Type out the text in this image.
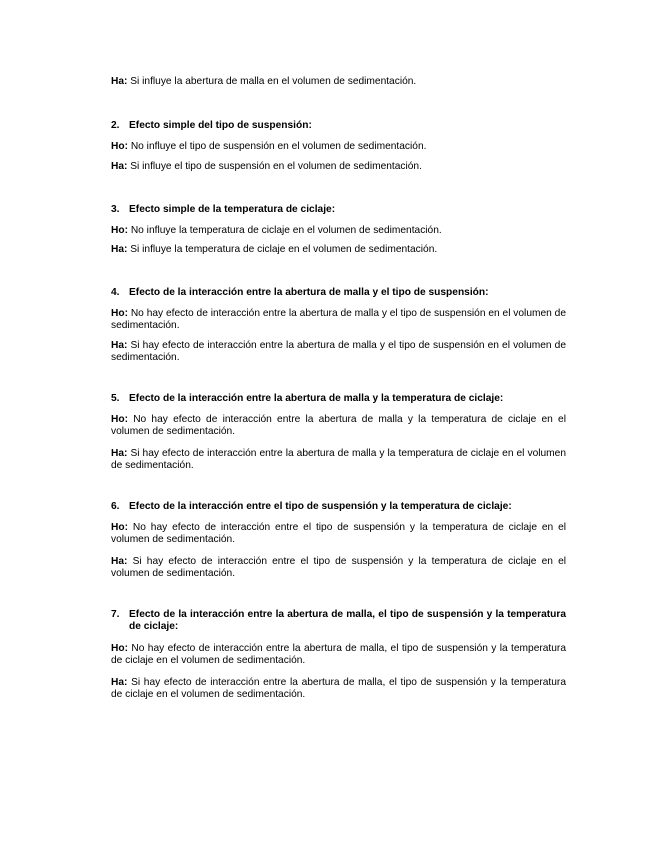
Ha: Si influye la abertura de malla en el volumen de sedimentación.
2. Efecto simple del tipo de suspensión:
Ho: No influye el tipo de suspensión en el volumen de sedimentación.
Ha: Si influye el tipo de suspensión en el volumen de sedimentación.
3. Efecto simple de la temperatura de ciclaje:
Ho: No influye la temperatura de ciclaje en el volumen de sedimentación.
Ha: Si influye la temperatura de ciclaje en el volumen de sedimentación.
4. Efecto de la interacción entre la abertura de malla y el tipo de suspensión:
Ho: No hay efecto de interacción entre la abertura de malla y el tipo de suspensión en el volumen de sedimentación.
Ha: Si hay efecto de interacción entre la abertura de malla y el tipo de suspensión en el volumen de sedimentación.
5. Efecto de la interacción entre la abertura de malla y la temperatura de ciclaje:
Ho: No hay efecto de interacción entre la abertura de malla y la temperatura de ciclaje en el volumen de sedimentación.
Ha: Si hay efecto de interacción entre la abertura de malla y la temperatura de ciclaje en el volumen de sedimentación.
6. Efecto de la interacción entre el tipo de suspensión y la temperatura de ciclaje:
Ho: No hay efecto de interacción entre el tipo de suspensión y la temperatura de ciclaje en el volumen de sedimentación.
Ha: Si hay efecto de interacción entre el tipo de suspensión y la temperatura de ciclaje en el volumen de sedimentación.
7. Efecto de la interacción entre la abertura de malla, el tipo de suspensión y la temperatura de ciclaje:
Ho: No hay efecto de interacción entre la abertura de malla, el tipo de suspensión y la temperatura de ciclaje en el volumen de sedimentación.
Ha: Si hay efecto de interacción entre la abertura de malla, el tipo de suspensión y la temperatura de ciclaje en el volumen de sedimentación.
